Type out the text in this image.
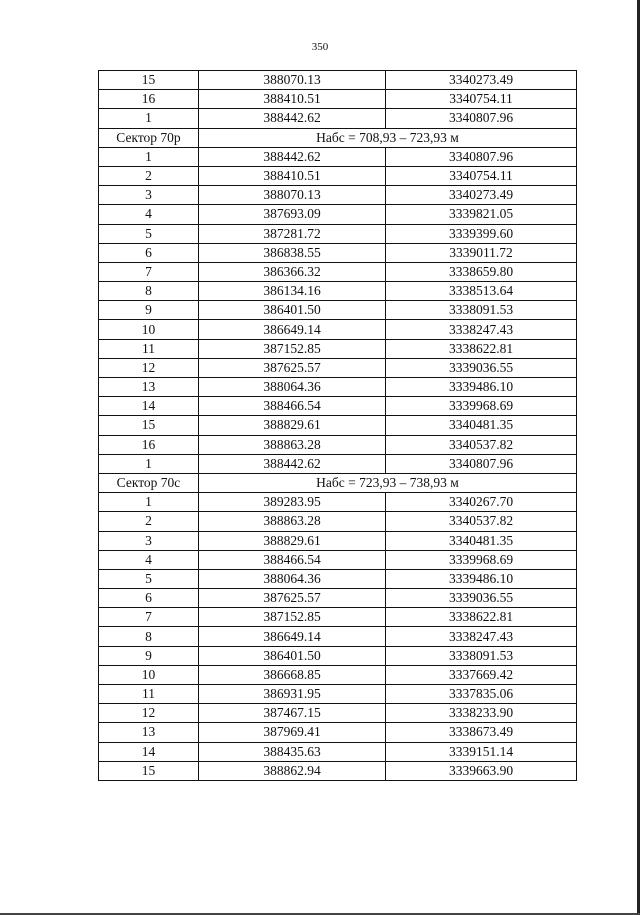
350
15	388070.13	3340273.49
16	388410.51	3340754.11
1	388442.62	3340807.96
Сектор 70р	Набс = 708,93 – 723,93 м	
1	388442.62	3340807.96
2	388410.51	3340754.11
3	388070.13	3340273.49
4	387693.09	3339821.05
5	387281.72	3339399.60
6	386838.55	3339011.72
7	386366.32	3338659.80
8	386134.16	3338513.64
9	386401.50	3338091.53
10	386649.14	3338247.43
11	387152.85	3338622.81
12	387625.57	3339036.55
13	388064.36	3339486.10
14	388466.54	3339968.69
15	388829.61	3340481.35
16	388863.28	3340537.82
1	388442.62	3340807.96
Сектор 70с	Набс = 723,93 – 738,93 м	
1	389283.95	3340267.70
2	388863.28	3340537.82
3	388829.61	3340481.35
4	388466.54	3339968.69
5	388064.36	3339486.10
6	387625.57	3339036.55
7	387152.85	3338622.81
8	386649.14	3338247.43
9	386401.50	3338091.53
10	386668.85	3337669.42
11	386931.95	3337835.06
12	387467.15	3338233.90
13	387969.41	3338673.49
14	388435.63	3339151.14
15	388862.94	3339663.90
